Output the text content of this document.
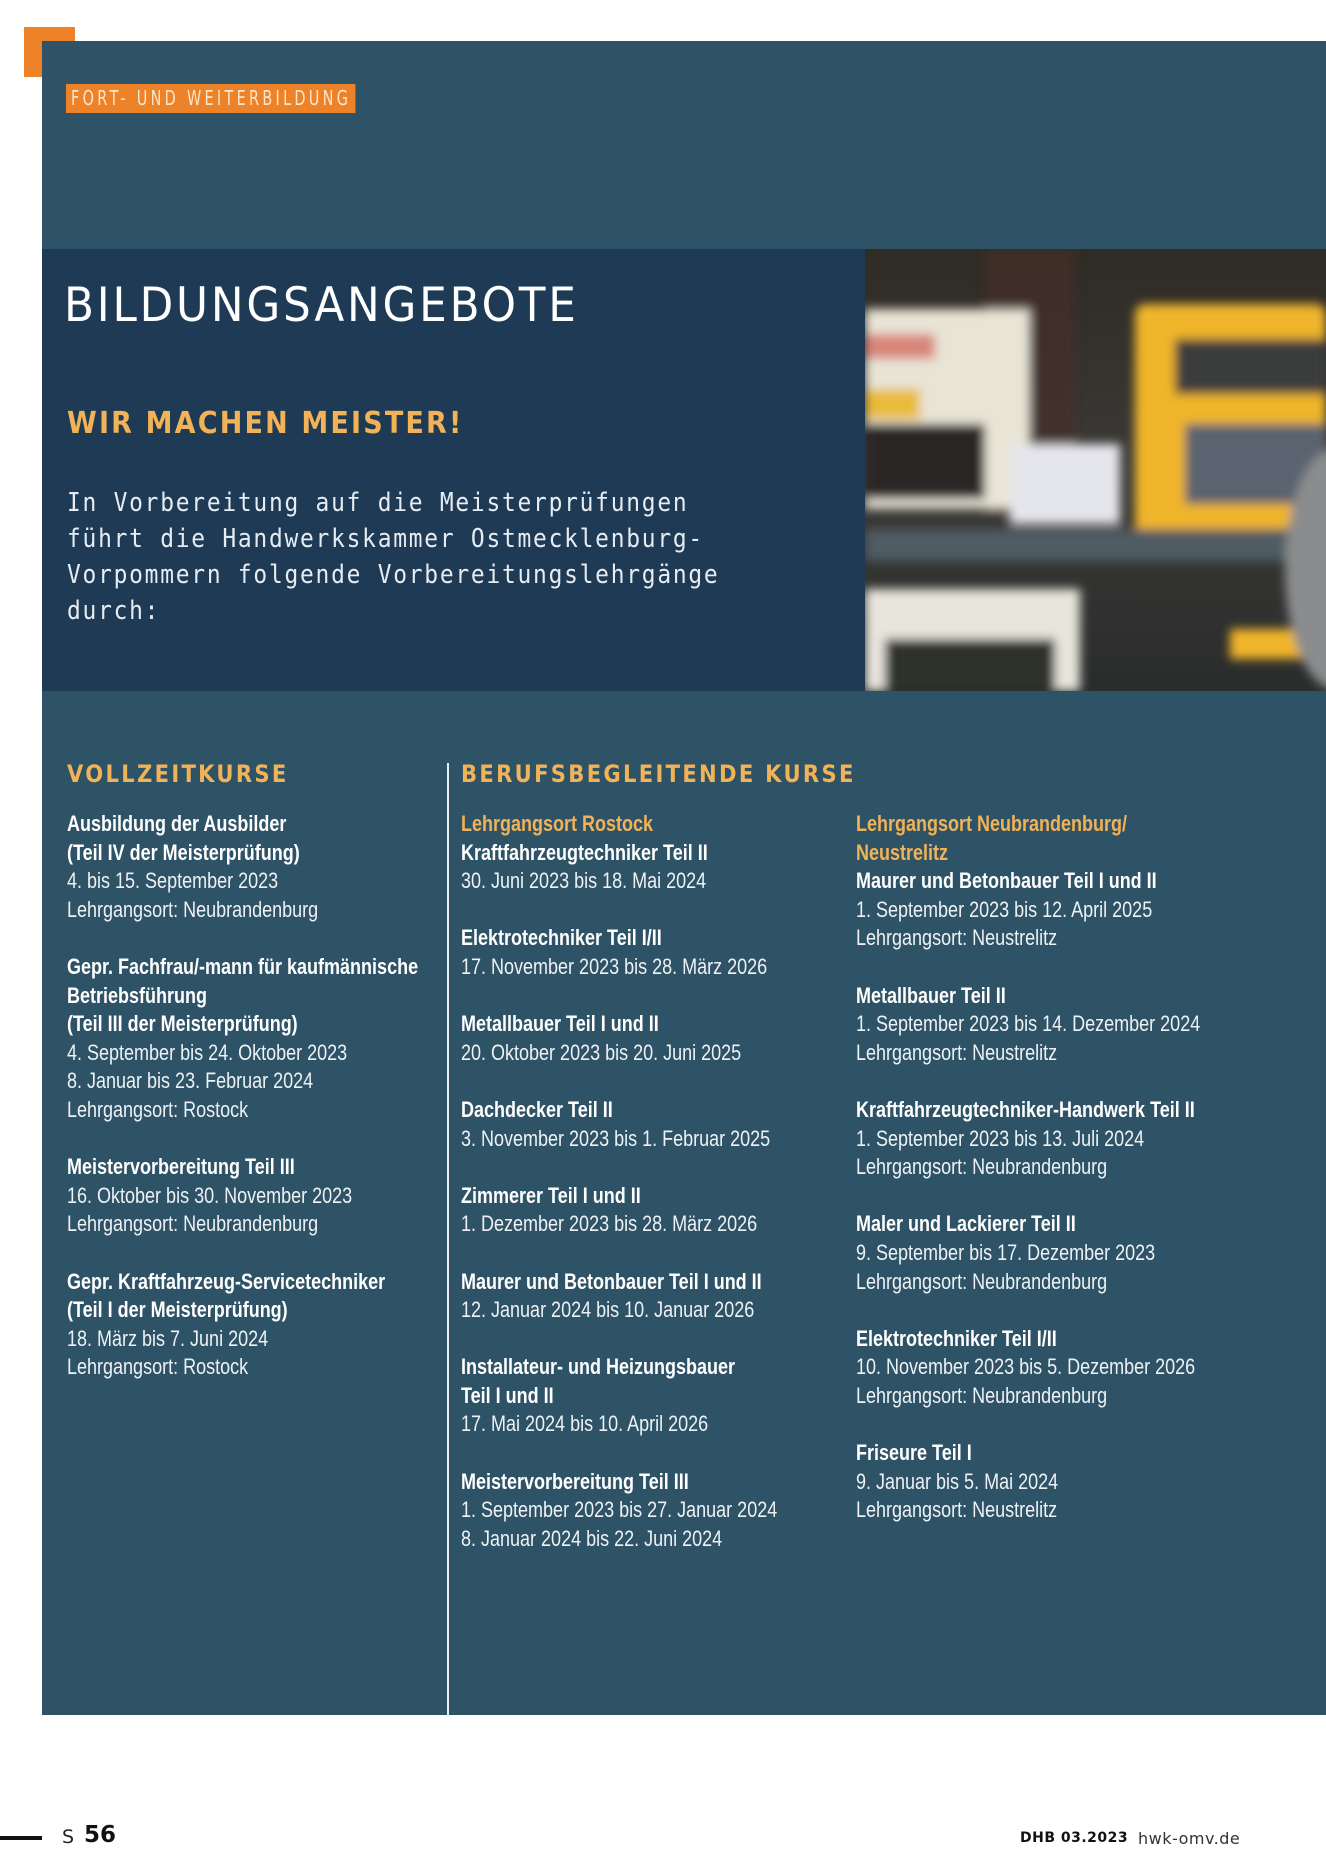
FORT- UND WEITERBILDUNG
BILDUNGSANGEBOTE
WIR MACHEN MEISTER!
In Vorbereitung auf die Meisterprüfungen
führt die Handwerkskammer Ostmecklenburg-
Vorpommern folgende Vorbereitungslehrgänge
durch:
VOLLZEITKURSE	BERUFSBEGLEITENDE KURSE
Ausbildung der Ausbilder
(Teil IV der Meisterprüfung)
4. bis 15. September 2023
Lehrgangsort: Neubrandenburg
Gepr. Fachfrau/-mann für kaufmännische
Betriebsführung
(Teil III der Meisterprüfung)
4. September bis 24. Oktober 2023
8. Januar bis 23. Februar 2024
Lehrgangsort: Rostock
Meistervorbereitung Teil III
16. Oktober bis 30. November 2023
Lehrgangsort: Neubrandenburg
Gepr. Kraftfahrzeug-Servicetechniker
(Teil I der Meisterprüfung)
18. März bis 7. Juni 2024
Lehrgangsort: Rostock
Lehrgangsort Rostock
Kraftfahrzeugtechniker Teil II
30. Juni 2023 bis 18. Mai 2024
Elektrotechniker Teil I/II
17. November 2023 bis 28. März 2026
Metallbauer Teil I und II
20. Oktober 2023 bis 20. Juni 2025
Dachdecker Teil II
3. November 2023 bis 1. Februar 2025
Zimmerer Teil I und II
1. Dezember 2023 bis 28. März 2026
Maurer und Betonbauer Teil I und II
12. Januar 2024 bis 10. Januar 2026
Installateur- und Heizungsbauer
Teil I und II
17. Mai 2024 bis 10. April 2026
Meistervorbereitung Teil III
1. September 2023 bis 27. Januar 2024
8. Januar 2024 bis 22. Juni 2024
Lehrgangsort Neubrandenburg/
Neustrelitz
Maurer und Betonbauer Teil I und II
1. September 2023 bis 12. April 2025
Lehrgangsort: Neustrelitz
Metallbauer Teil II
1. September 2023 bis 14. Dezember 2024
Lehrgangsort: Neustrelitz
Kraftfahrzeugtechniker-Handwerk Teil II
1. September 2023 bis 13. Juli 2024
Lehrgangsort: Neubrandenburg
Maler und Lackierer Teil II
9. September bis 17. Dezember 2023
Lehrgangsort: Neubrandenburg
Elektrotechniker Teil I/II
10. November 2023 bis 5. Dezember 2026
Lehrgangsort: Neubrandenburg
Friseure Teil I
9. Januar bis 5. Mai 2024
Lehrgangsort: Neustrelitz
S 56	DHB 03.2023 hwk-omv.de
